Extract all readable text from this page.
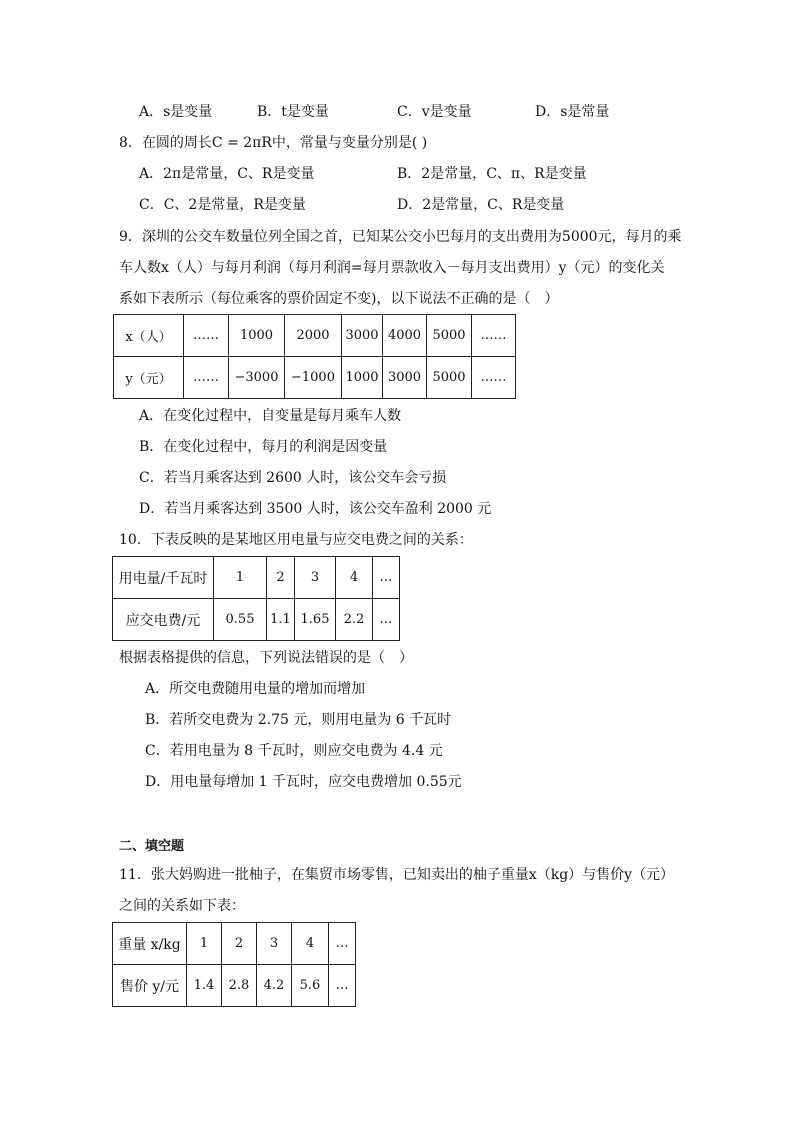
A．s是变量	B．t是变量	C．v是变量	D．s是常量
8．在圆的周长C = 2πR中，常量与变量分别是( )
A．2π是常量，C、R是变量	B．2是常量，C、π、R是变量
C．C、2是常量，R是变量	D．2是常量，C、R是变量
9．深圳的公交车数量位列全国之首，已知某公交小巴每月的支出费用为5000元，每月的乘
车人数x（人）与每月利润（每月利润=每月票款收入－每月支出费用）y（元）的变化关
系如下表所示（每位乘客的票价固定不变)，以下说法不正确的是（　）
x（人）	……	1000	2000	3000	4000	5000	……
y（元）	……	−3000	−1000	1000	3000	5000	……
A．在变化过程中，自变量是每月乘车人数
B．在变化过程中，每月的利润是因变量
C．若当月乘客达到 2600 人时，该公交车会亏损
D．若当月乘客达到 3500 人时，该公交车盈利 2000 元
10．下表反映的是某地区用电量与应交电费之间的关系：
用电量/千瓦时	1	2	3	4	…
应交电费/元	0.55	1.1	1.65	2.2	…
根据表格提供的信息，下列说法错误的是（　）
A．所交电费随用电量的增加而增加
B．若所交电费为 2.75 元，则用电量为 6 千瓦时
C．若用电量为 8 千瓦时，则应交电费为 4.4 元
D．用电量每增加 1 千瓦时，应交电费增加 0.55元
二、填空题
11．张大妈购进一批柚子，在集贸市场零售，已知卖出的柚子重量x（kg）与售价y（元）
之间的关系如下表：
重量 x/kg	1	2	3	4	…
售价 y/元	1.4	2.8	4.2	5.6	…
